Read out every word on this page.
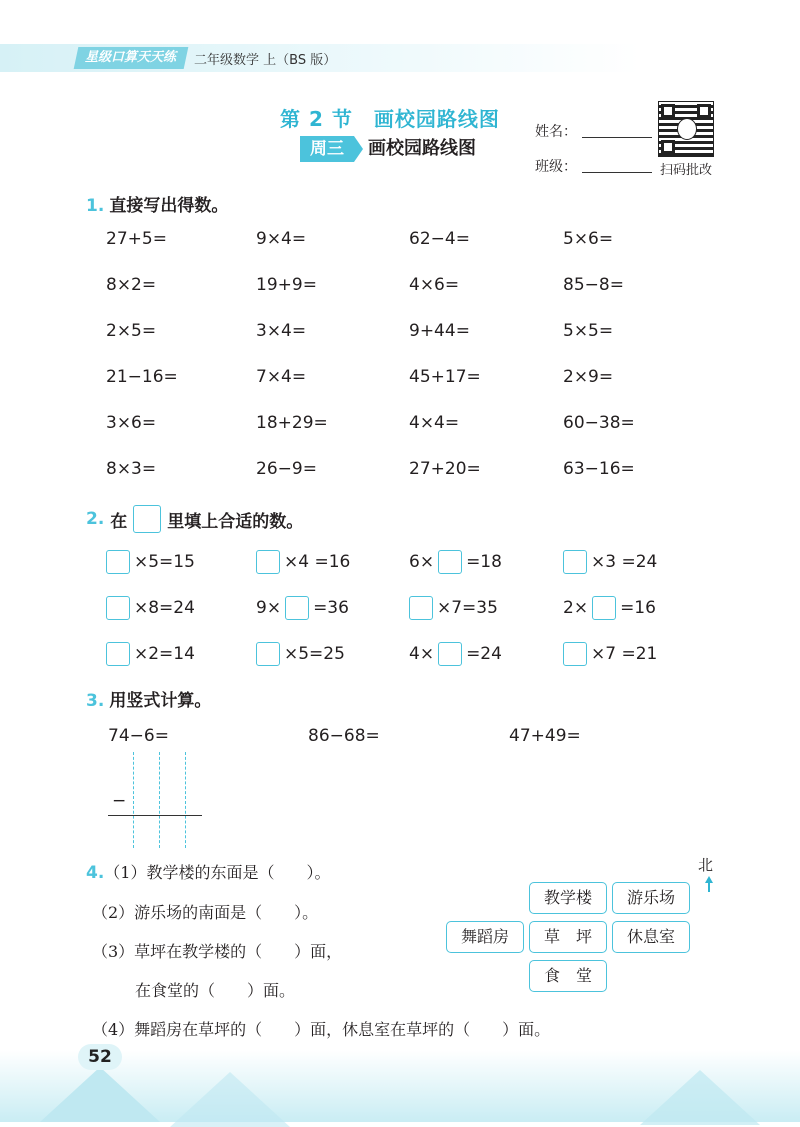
星级口算天天练	二年级数学 上（BS 版）
第 2 节　画校园路线图
周三	画校园路线图
姓名：
班级：	扫码批改
1. 直接写出得数。
27+5=	9×4=	62−4=	5×6=
8×2=	19+9=	4×6=	85−8=
2×5=	3×4=	9+44=	5×5=
21−16=	7×4=	45+17=	2×9=
3×6=	18+29=	4×4=	60−38=
8×3=	26−9=	27+20=	63−16=
2. 在 里填上合适的数。
×5=15	×4 =16	6× =18	×3 =24
×8=24	9× =36	×7=35	2× =16
×2=14	×5=25	4× =24	×7 =21
3. 用竖式计算。
74−6=	86−68=	47+49=
−
4.（1）教学楼的东面是（　　）。
（2）游乐场的南面是（　　）。
（3）草坪在教学楼的（　　）面，
在食堂的（　　）面。
（4）舞蹈房在草坪的（　　）面，休息室在草坪的（　　）面。
北
教学楼	游乐场
舞蹈房	草　坪	休息室
食　堂
52
